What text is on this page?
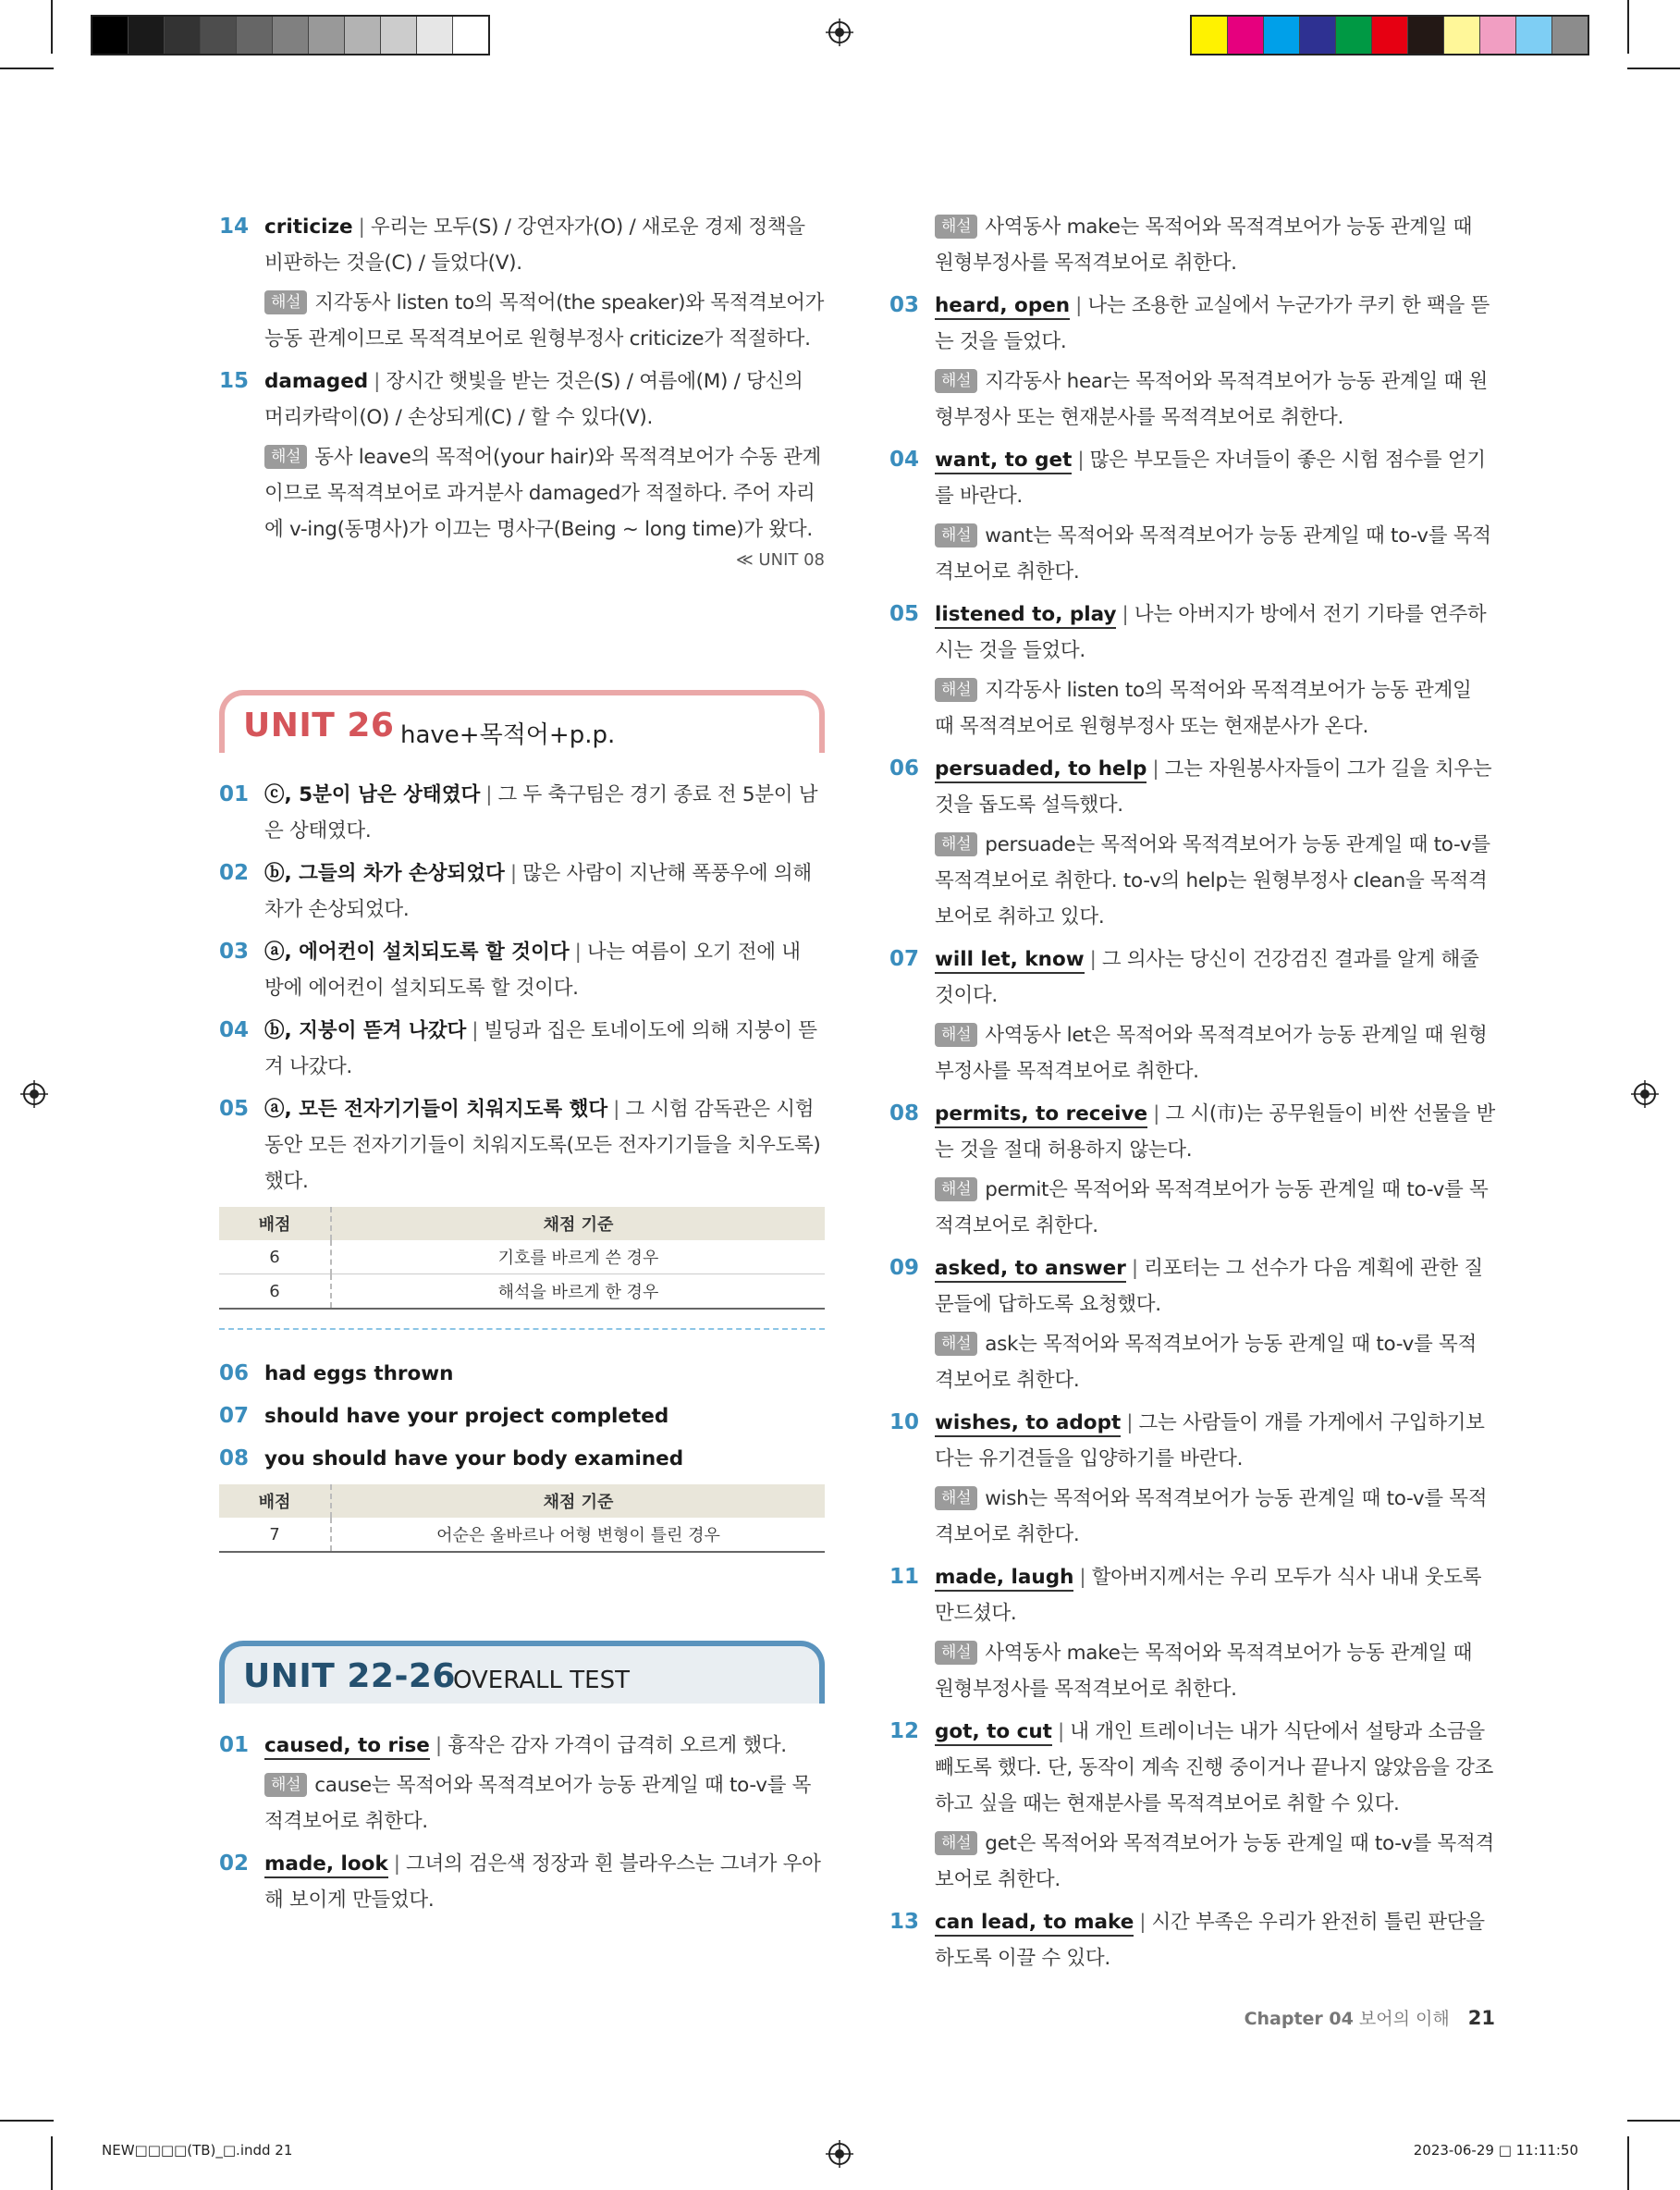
14 criticize | 우리는 모두(S) / 강연자가(O) / 새로운 경제 정책을 비판하는 것을(C) / 들었다(V).
해설 지각동사 listen to의 목적어(the speaker)와 목적격보어가 능동 관계이므로 목적격보어로 원형부정사 criticize가 적절하다.
15 damaged | 장시간 햇빛을 받는 것은(S) / 여름에(M) / 당신의 머리카락이(O) / 손상되게(C) / 할 수 있다(V).
해설 동사 leave의 목적어(your hair)와 목적격보어가 수동 관계이므로 목적격보어로 과거분사 damaged가 적절하다. 주어 자리에 v-ing(동명사)가 이끄는 명사구(Being ~ long time)가 왔다.
≪ UNIT 08
UNIT 26 have+목적어+p.p.
01 ⓒ, 5분이 남은 상태였다 | 그 두 축구팀은 경기 종료 전 5분이 남은 상태였다.
02 ⓑ, 그들의 차가 손상되었다 | 많은 사람이 지난해 폭풍우에 의해 차가 손상되었다.
03 ⓐ, 에어컨이 설치되도록 할 것이다 | 나는 여름이 오기 전에 내 방에 에어컨이 설치되도록 할 것이다.
04 ⓑ, 지붕이 뜯겨 나갔다 | 빌딩과 집은 토네이도에 의해 지붕이 뜯겨 나갔다.
05 ⓐ, 모든 전자기기들이 치워지도록 했다 | 그 시험 감독관은 시험 동안 모든 전자기기들이 치워지도록(모든 전자기기들을 치우도록) 했다.
배점	채점 기준
6	기호를 바르게 쓴 경우
6	해석을 바르게 한 경우
06 had eggs thrown
07 should have your project completed
08 you should have your body examined
배점	채점 기준
7	어순은 올바르나 어형 변형이 틀린 경우
UNIT 22-26
OVERALL TEST
01 caused, to rise | 흉작은 감자 가격이 급격히 오르게 했다.
해설 cause는 목적어와 목적격보어가 능동 관계일 때 to-v를 목적격보어로 취한다.
02 made, look | 그녀의 검은색 정장과 흰 블라우스는 그녀가 우아해 보이게 만들었다.
해설 사역동사 make는 목적어와 목적격보어가 능동 관계일 때 원형부정사를 목적격보어로 취한다.
03 heard, open | 나는 조용한 교실에서 누군가가 쿠키 한 팩을 뜯는 것을 들었다.
해설 지각동사 hear는 목적어와 목적격보어가 능동 관계일 때 원형부정사 또는 현재분사를 목적격보어로 취한다.
04 want, to get | 많은 부모들은 자녀들이 좋은 시험 점수를 얻기를 바란다.
해설 want는 목적어와 목적격보어가 능동 관계일 때 to-v를 목적격보어로 취한다.
05 listened to, play | 나는 아버지가 방에서 전기 기타를 연주하시는 것을 들었다.
해설 지각동사 listen to의 목적어와 목적격보어가 능동 관계일 때 목적격보어로 원형부정사 또는 현재분사가 온다.
06 persuaded, to help | 그는 자원봉사자들이 그가 길을 치우는 것을 돕도록 설득했다.
해설 persuade는 목적어와 목적격보어가 능동 관계일 때 to-v를 목적격보어로 취한다. to-v의 help는 원형부정사 clean을 목적격보어로 취하고 있다.
07 will let, know | 그 의사는 당신이 건강검진 결과를 알게 해줄 것이다.
해설 사역동사 let은 목적어와 목적격보어가 능동 관계일 때 원형부정사를 목적격보어로 취한다.
08 permits, to receive | 그 시(市)는 공무원들이 비싼 선물을 받는 것을 절대 허용하지 않는다.
해설 permit은 목적어와 목적격보어가 능동 관계일 때 to-v를 목적격보어로 취한다.
09 asked, to answer | 리포터는 그 선수가 다음 계획에 관한 질문들에 답하도록 요청했다.
해설 ask는 목적어와 목적격보어가 능동 관계일 때 to-v를 목적격보어로 취한다.
10 wishes, to adopt | 그는 사람들이 개를 가게에서 구입하기보다는 유기견들을 입양하기를 바란다.
해설 wish는 목적어와 목적격보어가 능동 관계일 때 to-v를 목적격보어로 취한다.
11 made, laugh | 할아버지께서는 우리 모두가 식사 내내 웃도록 만드셨다.
해설 사역동사 make는 목적어와 목적격보어가 능동 관계일 때 원형부정사를 목적격보어로 취한다.
12 got, to cut | 내 개인 트레이너는 내가 식단에서 설탕과 소금을 빼도록 했다. 단, 동작이 계속 진행 중이거나 끝나지 않았음을 강조하고 싶을 때는 현재분사를 목적격보어로 취할 수 있다.
해설 get은 목적어와 목적격보어가 능동 관계일 때 to-v를 목적격보어로 취한다.
13 can lead, to make | 시간 부족은 우리가 완전히 틀린 판단을 하도록 이끌 수 있다.
Chapter 04 보어의 이해 21
NEW□□□□(TB)_□.indd 21	2023-06-29 □ 11:11:50
